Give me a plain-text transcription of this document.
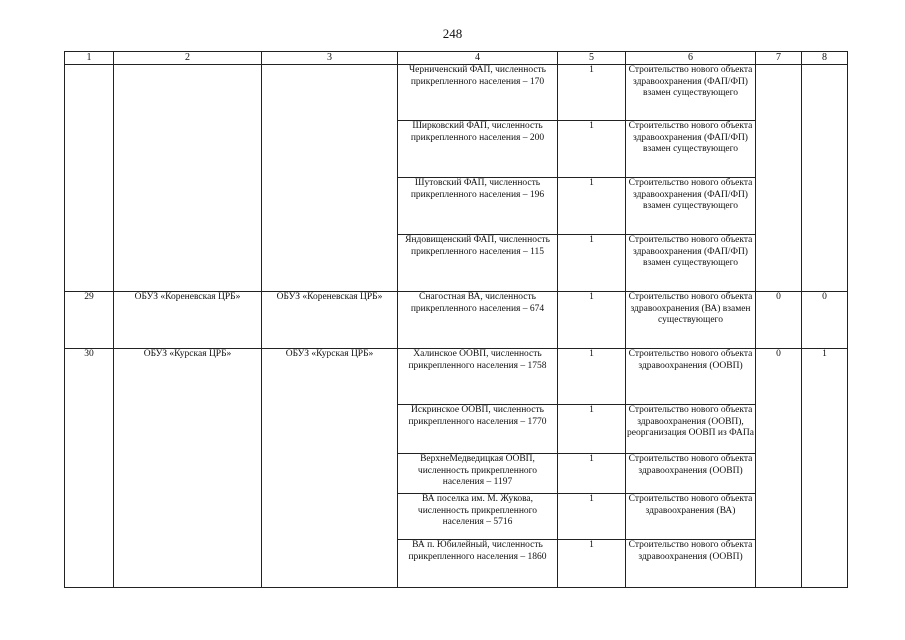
248
1	2	3	4	5	6	7	8
			Черниченский ФАП, численность прикрепленного населения – 170	1	Строительство нового объекта здравоохранения (ФАП/ФП) взамен существующего		
			Ширковский ФАП, численность прикрепленного населения – 200	1	Строительство нового объекта здравоохранения (ФАП/ФП) взамен существующего		
			Шутовский ФАП, численность прикрепленного населения – 196	1	Строительство нового объекта здравоохранения (ФАП/ФП) взамен существующего		
			Яндовищенский ФАП, численность прикрепленного населения – 115	1	Строительство нового объекта здравоохранения (ФАП/ФП) взамен существующего		
29	ОБУЗ «Кореневская ЦРБ»	ОБУЗ «Кореневская ЦРБ»	Снагостная ВА, численность прикрепленного населения – 674	1	Строительство нового объекта здравоохранения (ВА) взамен существующего	0	0
30	ОБУЗ «Курская ЦРБ»	ОБУЗ «Курская ЦРБ»	Халинское ООВП, численность прикрепленного населения – 1758	1	Строительство нового объекта здравоохранения (ООВП)	0	1
			Искринское ООВП, численность прикрепленного населения – 1770	1	Строительство нового объекта здравоохранения (ООВП), реорганизация ООВП из ФАПа		
			ВерхнеМедведицкая ООВП, численность прикрепленного населения – 1197	1	Строительство нового объекта здравоохранения (ООВП)		
			ВА поселка им. М. Жукова, численность прикрепленного населения – 5716	1	Строительство нового объекта здравоохранения (ВА)		
			ВА п. Юбилейный, численность прикрепленного населения – 1860	1	Строительство нового объекта здравоохранения (ООВП)		
